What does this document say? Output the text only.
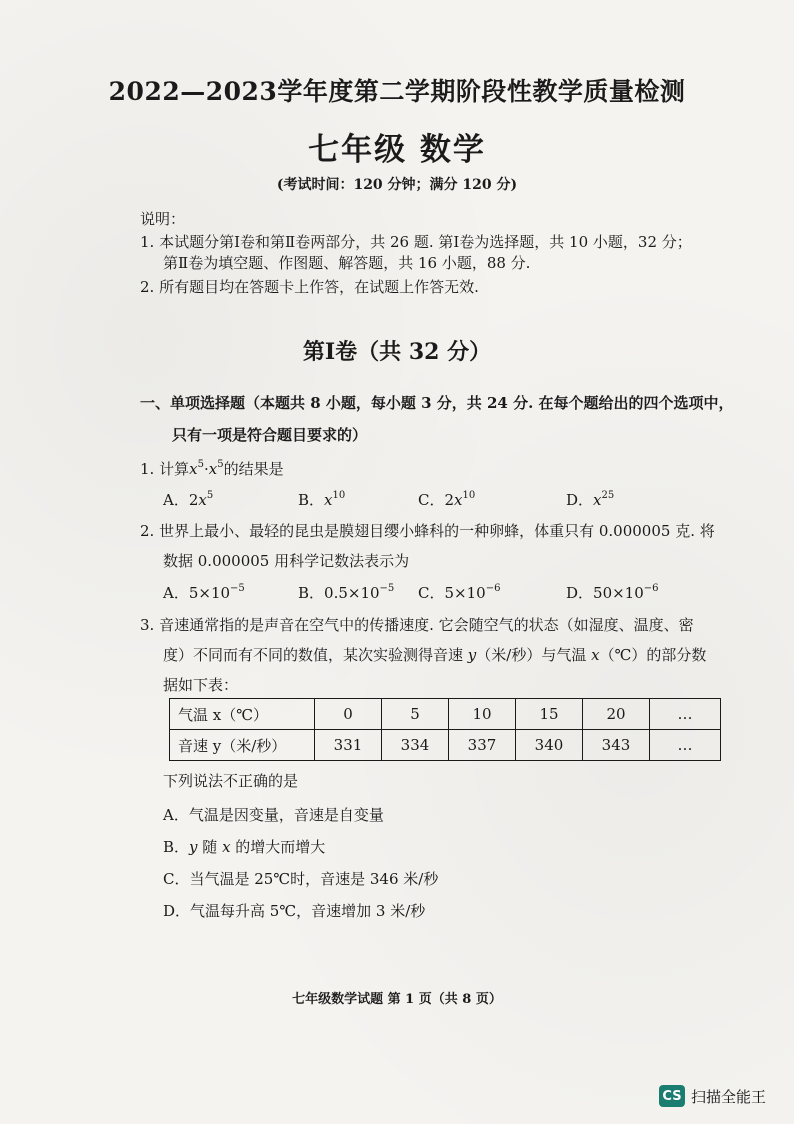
2022—2023学年度第二学期阶段性教学质量检测
七年级 数学
(考试时间：120 分钟；满分 120 分)
说明：
1. 本试题分第Ⅰ卷和第Ⅱ卷两部分，共 26 题. 第Ⅰ卷为选择题，共 10 小题，32 分；
第Ⅱ卷为填空题、作图题、解答题，共 16 小题，88 分.
2. 所有题目均在答题卡上作答，在试题上作答无效.
第Ⅰ卷（共 32 分）
一、单项选择题（本题共 8 小题，每小题 3 分，共 24 分. 在每个题给出的四个选项中，
只有一项是符合题目要求的）
1. 计算$x^5\cdot x^5$的结果是
A．$2x^5$	B．$x^{10}$	C．$2x^{10}$	D．$x^{25}$
2. 世界上最小、最轻的昆虫是膜翅目缨小蜂科的一种卵蜂，体重只有 0.000005 克. 将
数据 0.000005 用科学记数法表示为
A．$5\times 10^{-5}$	B．$0.5\times 10^{-5}$ C．$5\times 10^{-6}$	D．$50\times 10^{-6}$
3. 音速通常指的是声音在空气中的传播速度. 它会随空气的状态（如湿度、温度、密
度）不同而有不同的数值，某次实验测得音速 y（米/秒）与气温 x（℃）的部分数
据如下表：
气温 x（℃）	0	5	10	15	20	…
音速 y（米/秒）	331	334	337	340	343	…
下列说法不正确的是
A．气温是因变量，音速是自变量
B．y 随 x 的增大而增大
C．当气温是 25℃时，音速是 346 米/秒
D．气温每升高 5℃，音速增加 3 米/秒
七年级数学试题 第 1 页（共 8 页）
CS 扫描全能王
